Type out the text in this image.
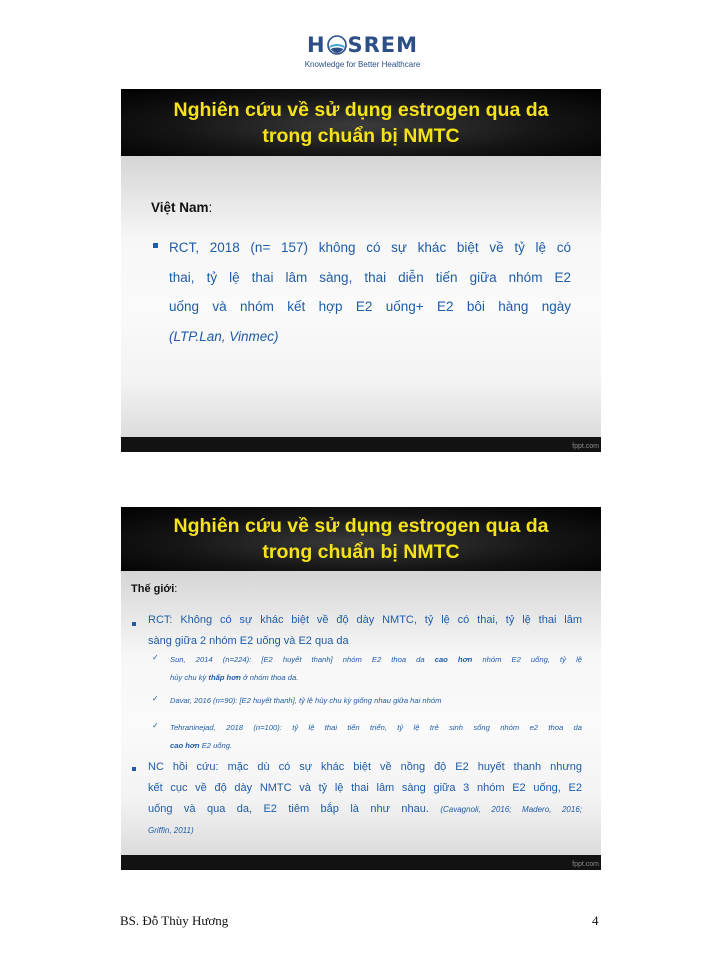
H SREM
Knowledge for Better Healthcare
Nghiên cứu về sử dụng estrogen qua da
trong chuẩn bị NMTC
Việt Nam:
RCT, 2018 (n= 157) không có sự khác biệt về tỷ lệ có
thai, tỷ lệ thai lâm sàng, thai diễn tiến giữa nhóm E2
uống và nhóm kết hợp E2 uống+ E2 bôi hàng ngày
(LTP.Lan, Vinmec)
fppt.com
Nghiên cứu về sử dụng estrogen qua da
trong chuẩn bị NMTC
Thế giới:
RCT: Không có sự khác biệt về độ dày NMTC, tỷ lệ có thai, tỷ lệ thai lâm
sàng giữa 2 nhóm E2 uống và E2 qua da
✓ Sun, 2014 (n=224): [E2 huyết thanh] nhóm E2 thoa da cao hơn nhóm E2 uống, tỷ lệ
hủy chu kỳ thấp hơn ở nhóm thoa da.
✓ Davar, 2016 (n=90): [E2 huyết thanh], tỷ lệ hủy chu kỳ giống nhau giữa hai nhóm
✓ Tehraninejad, 2018 (n=100): tỷ lệ thai tiến triển, tỷ lệ trẻ sinh sống nhóm e2 thoa da
cao hơn E2 uống.
NC hồi cứu: mặc dù có sự khác biệt về nồng độ E2 huyết thanh nhưng
kết cục về độ dày NMTC và tỷ lệ thai lâm sàng giữa 3 nhóm E2 uống, E2
uống và qua da, E2 tiêm bắp là như nhau. (Cavagnoli, 2016; Madero, 2016;
Griffin, 2011)
fppt.com
BS. Đỗ Thùy Hương	4
